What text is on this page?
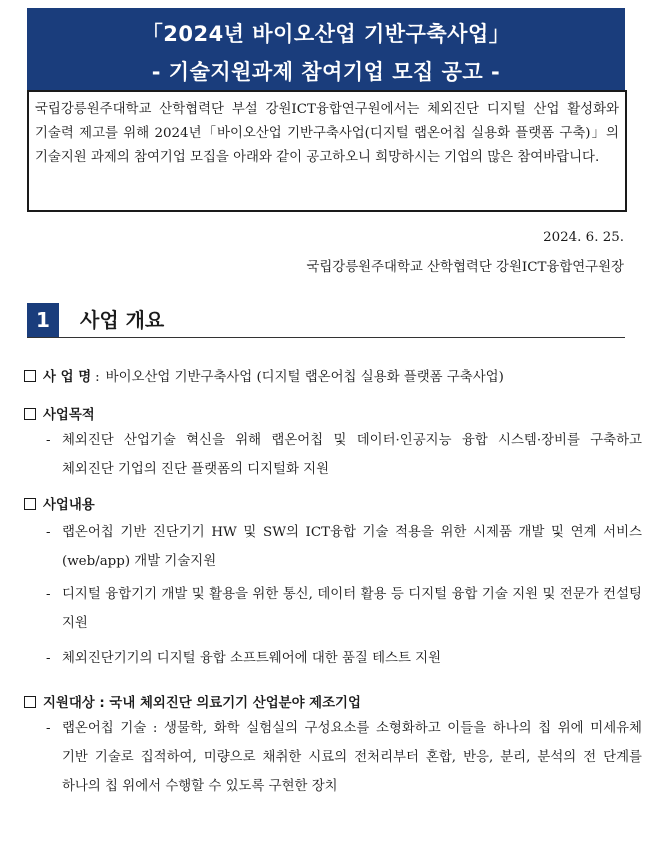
「2024년 바이오산업 기반구축사업」
- 기술지원과제 참여기업 모집 공고 -
국립강릉원주대학교 산학협력단 부설 강원ICT융합연구원에서는 체외진단 디지털 산업 활성화와 기술력 제고를 위해 2024년「바이오산업 기반구축사업(디지털 랩온어칩 실용화 플랫폼 구축)」의 기술지원 과제의 참여기업 모집을 아래와 같이 공고하오니 희망하시는 기업의 많은 참여바랍니다.
2024. 6. 25.
국립강릉원주대학교 산학협력단 강원ICT융합연구원장
1	사업 개요
사 업 명 : 바이오산업 기반구축사업 (디지털 랩온어칩 실용화 플랫폼 구축사업)
사업목적
- 체외진단 산업기술 혁신을 위해 랩온어칩 및 데이터·인공지능 융합 시스템·장비를 구축하고 체외진단 기업의 진단 플랫폼의 디지털화 지원
사업내용
- 랩온어칩 기반 진단기기 HW 및 SW의 ICT융합 기술 적용을 위한 시제품 개발 및 연계 서비스(web/app) 개발 기술지원
- 디지털 융합기기 개발 및 활용을 위한 통신, 데이터 활용 등 디지털 융합 기술 지원 및 전문가 컨설팅 지원
- 체외진단기기의 디지털 융합 소프트웨어에 대한 품질 테스트 지원
지원대상 : 국내 체외진단 의료기기 산업분야 제조기업
- 랩온어칩 기술 : 생물학, 화학 실험실의 구성요소를 소형화하고 이들을 하나의 칩 위에 미세유체 기반 기술로 집적하여, 미량으로 채취한 시료의 전처리부터 혼합, 반응, 분리, 분석의 전 단계를 하나의 칩 위에서 수행할 수 있도록 구현한 장치
